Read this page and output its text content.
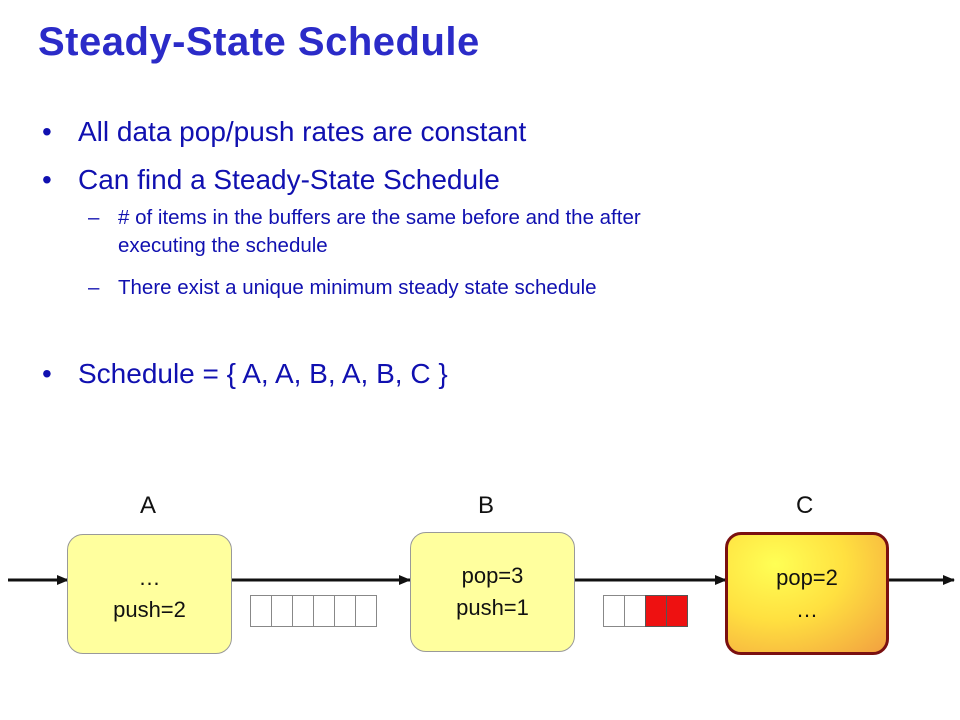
Steady-State Schedule
• All data pop/push rates are constant
• Can find a Steady-State Schedule
– # of items in the buffers are the same before and the after
executing the schedule
– There exist a unique minimum steady state schedule
• Schedule = { A, A, B, A, B, C }
A	B	C
…
push=2
pop=3
push=1
pop=2
…
